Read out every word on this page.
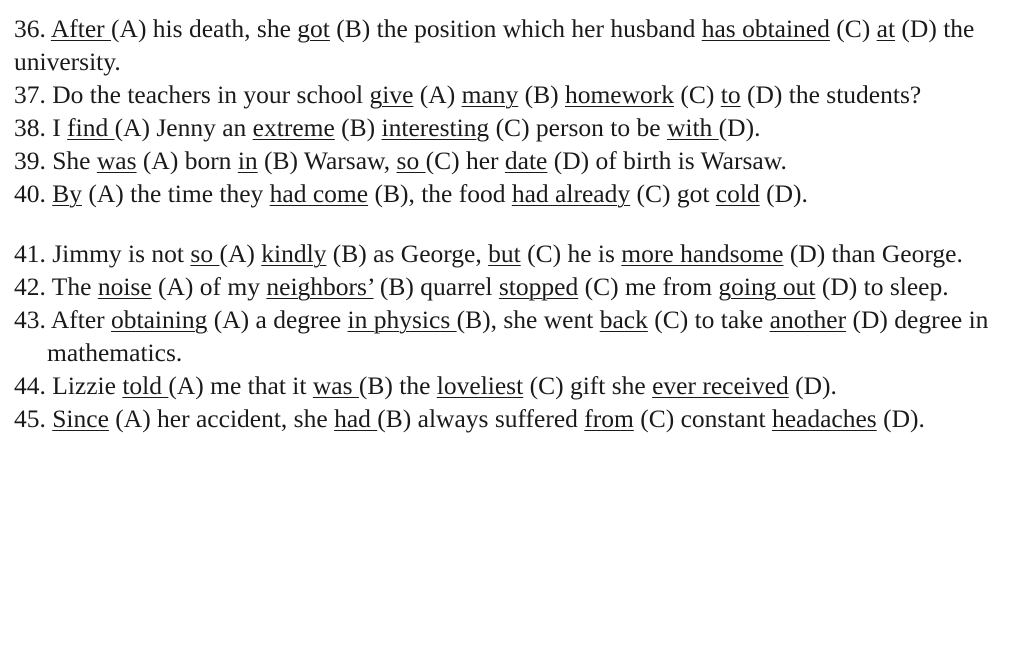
36. After (A) his death, she got (B) the position which her husband has obtained (C) at (D) the university.

37. Do the teachers in your school give (A) many (B) homework (C) to (D) the students?

38. I find (A) Jenny an extreme (B) interesting (C) person to be with (D).

39. She was (A) born in (B) Warsaw, so (C) her date (D) of birth is Warsaw.

40. By (A) the time they had come (B), the food had already (C) got cold (D).

41. Jimmy is not so (A) kindly (B) as George, but (C) he is more handsome (D) than George.

42. The noise (A) of my neighbors’ (B) quarrel stopped (C) me from going out (D) to sleep.

43. After obtaining (A) a degree in physics (B), she went back (C) to take another (D) degree in mathematics.

44. Lizzie told (A) me that it was (B) the loveliest (C) gift she ever received (D).

45. Since (A) her accident, she had (B) always suffered from (C) constant headaches (D).
